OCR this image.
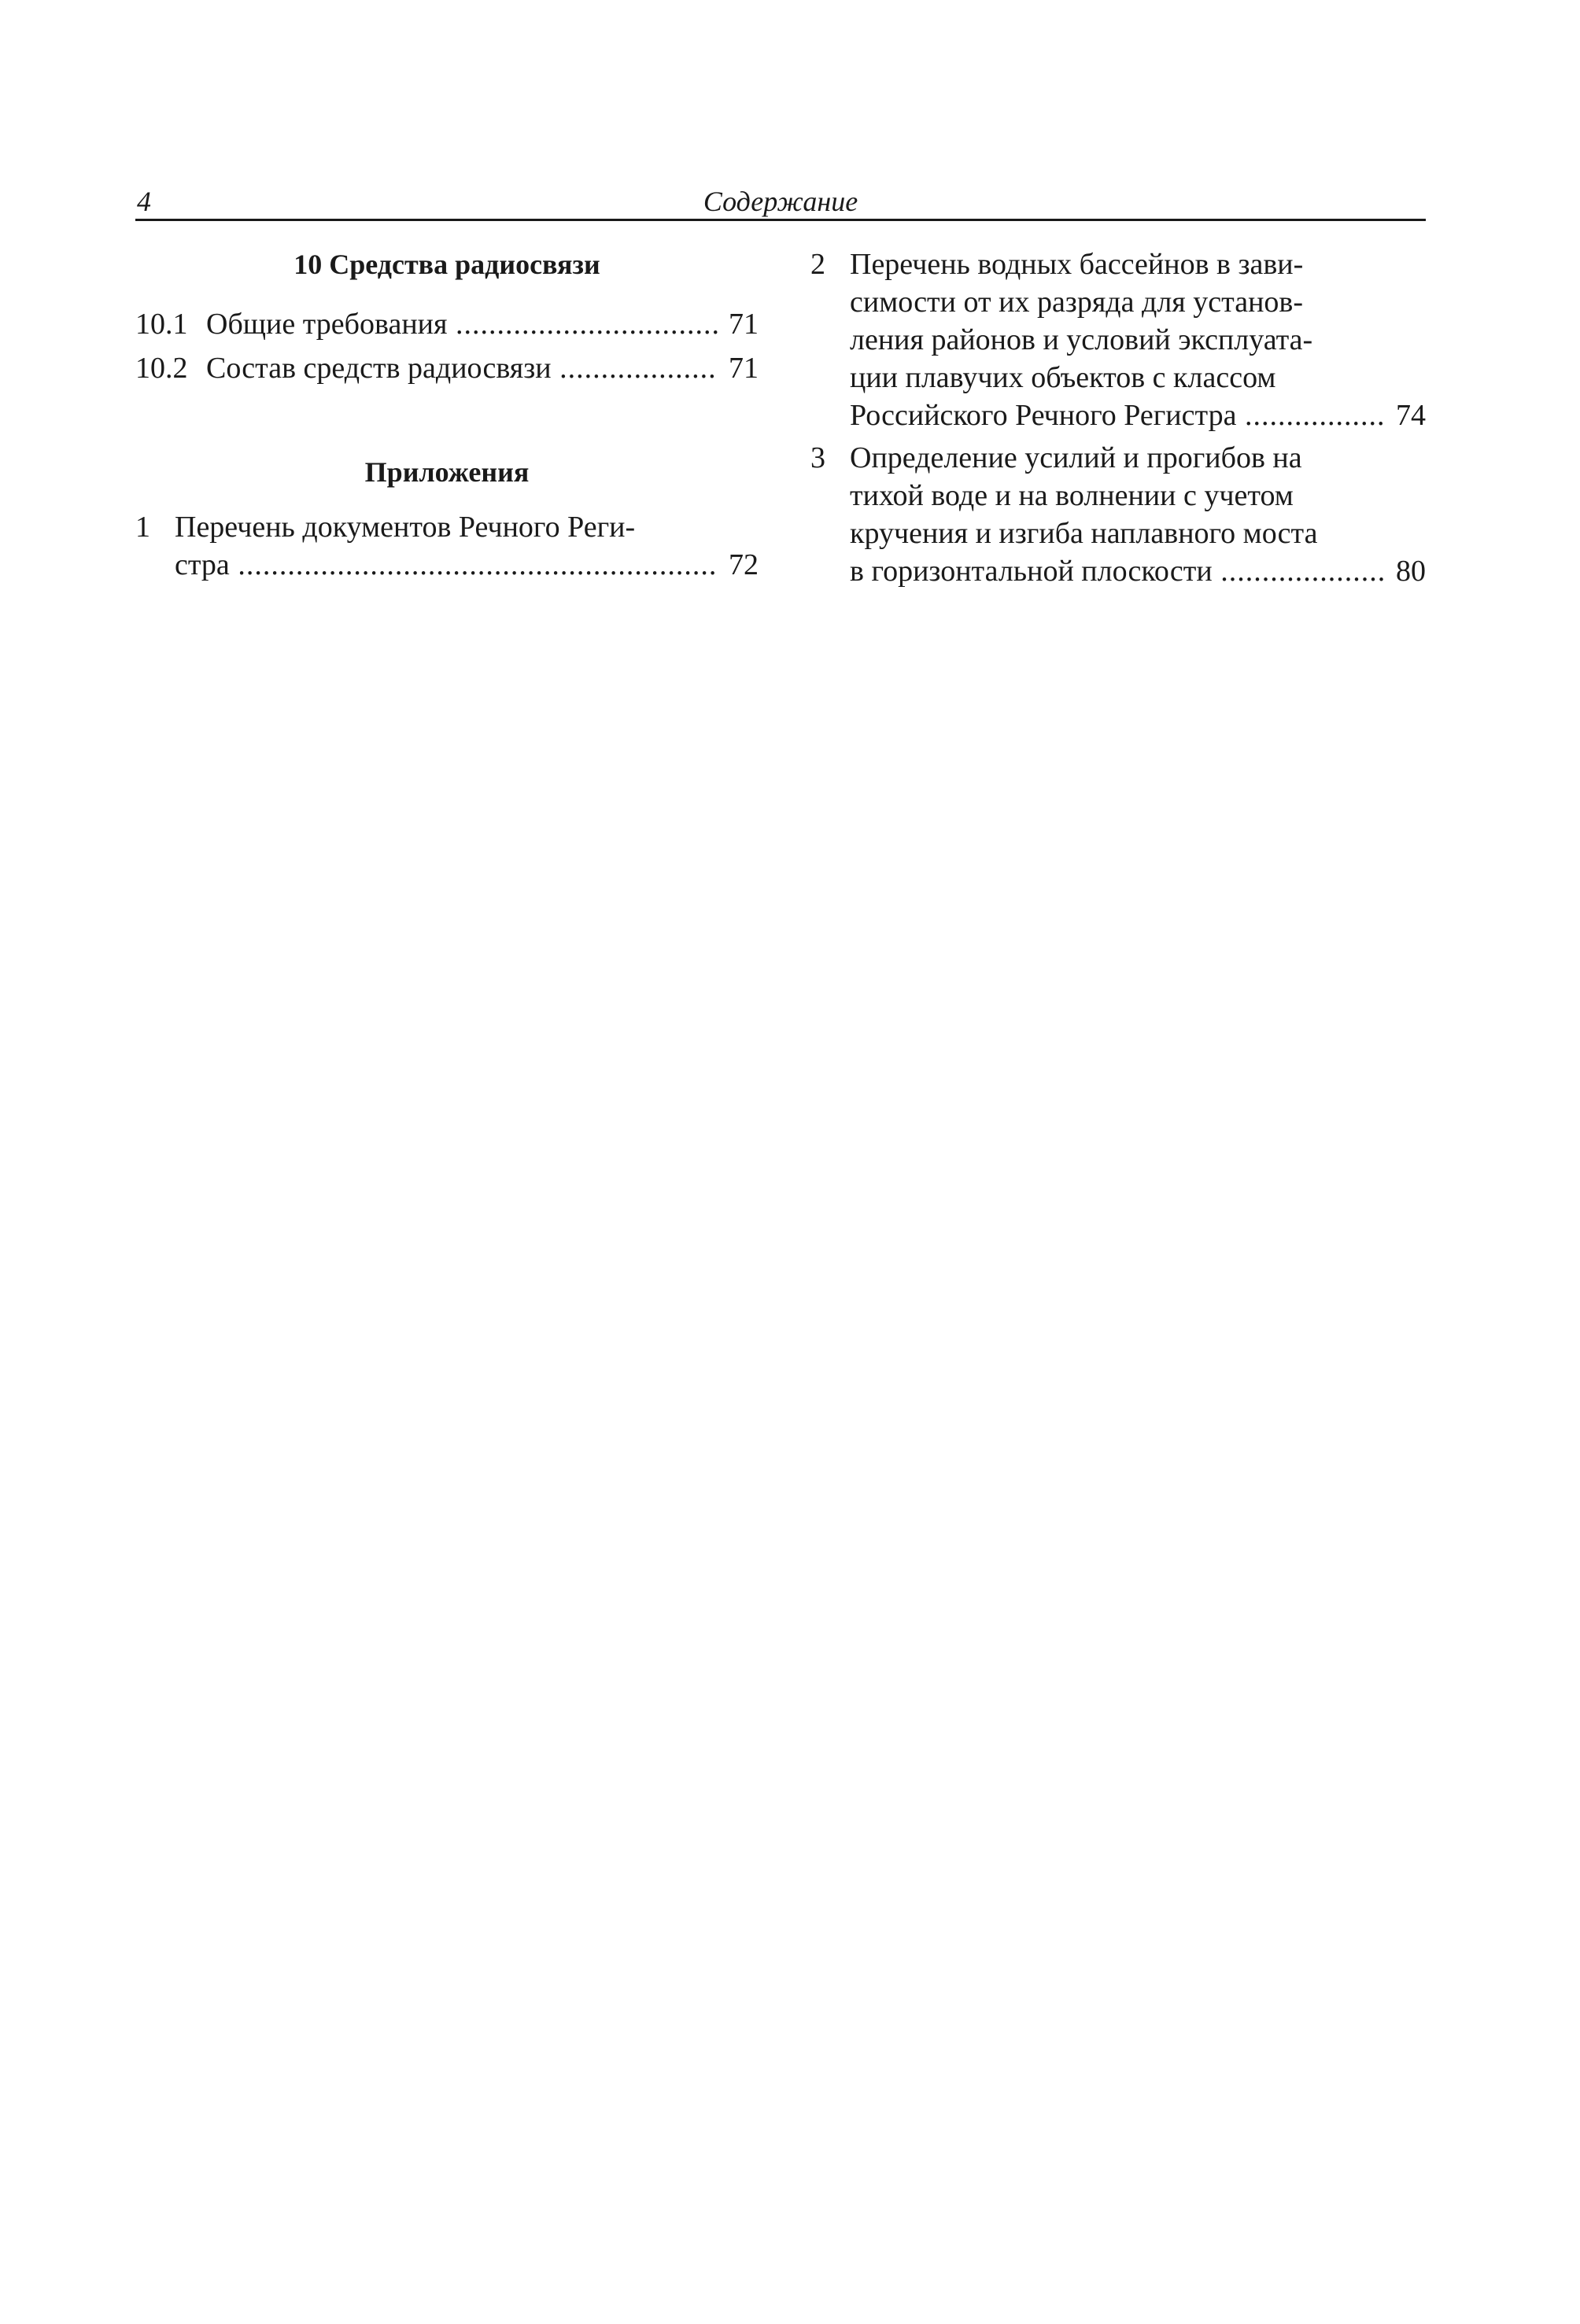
4	Содержание
10 Средства радиосвязи
10.1 Общие требования .....	71
10.2 Состав средств радиосвязи .....	71
Приложения
1 Перечень документов Речного Реги-
стра .....	72
2 Перечень водных бассейнов в зави-
симости от их разряда для установ-
ления районов и условий эксплуата-
ции плавучих объектов с классом
Российского Речного Регистра .....	74
3 Определение усилий и прогибов на
тихой воде и на волнении с учетом
кручения и изгиба наплавного моста
в горизонтальной плоскости .....	80
